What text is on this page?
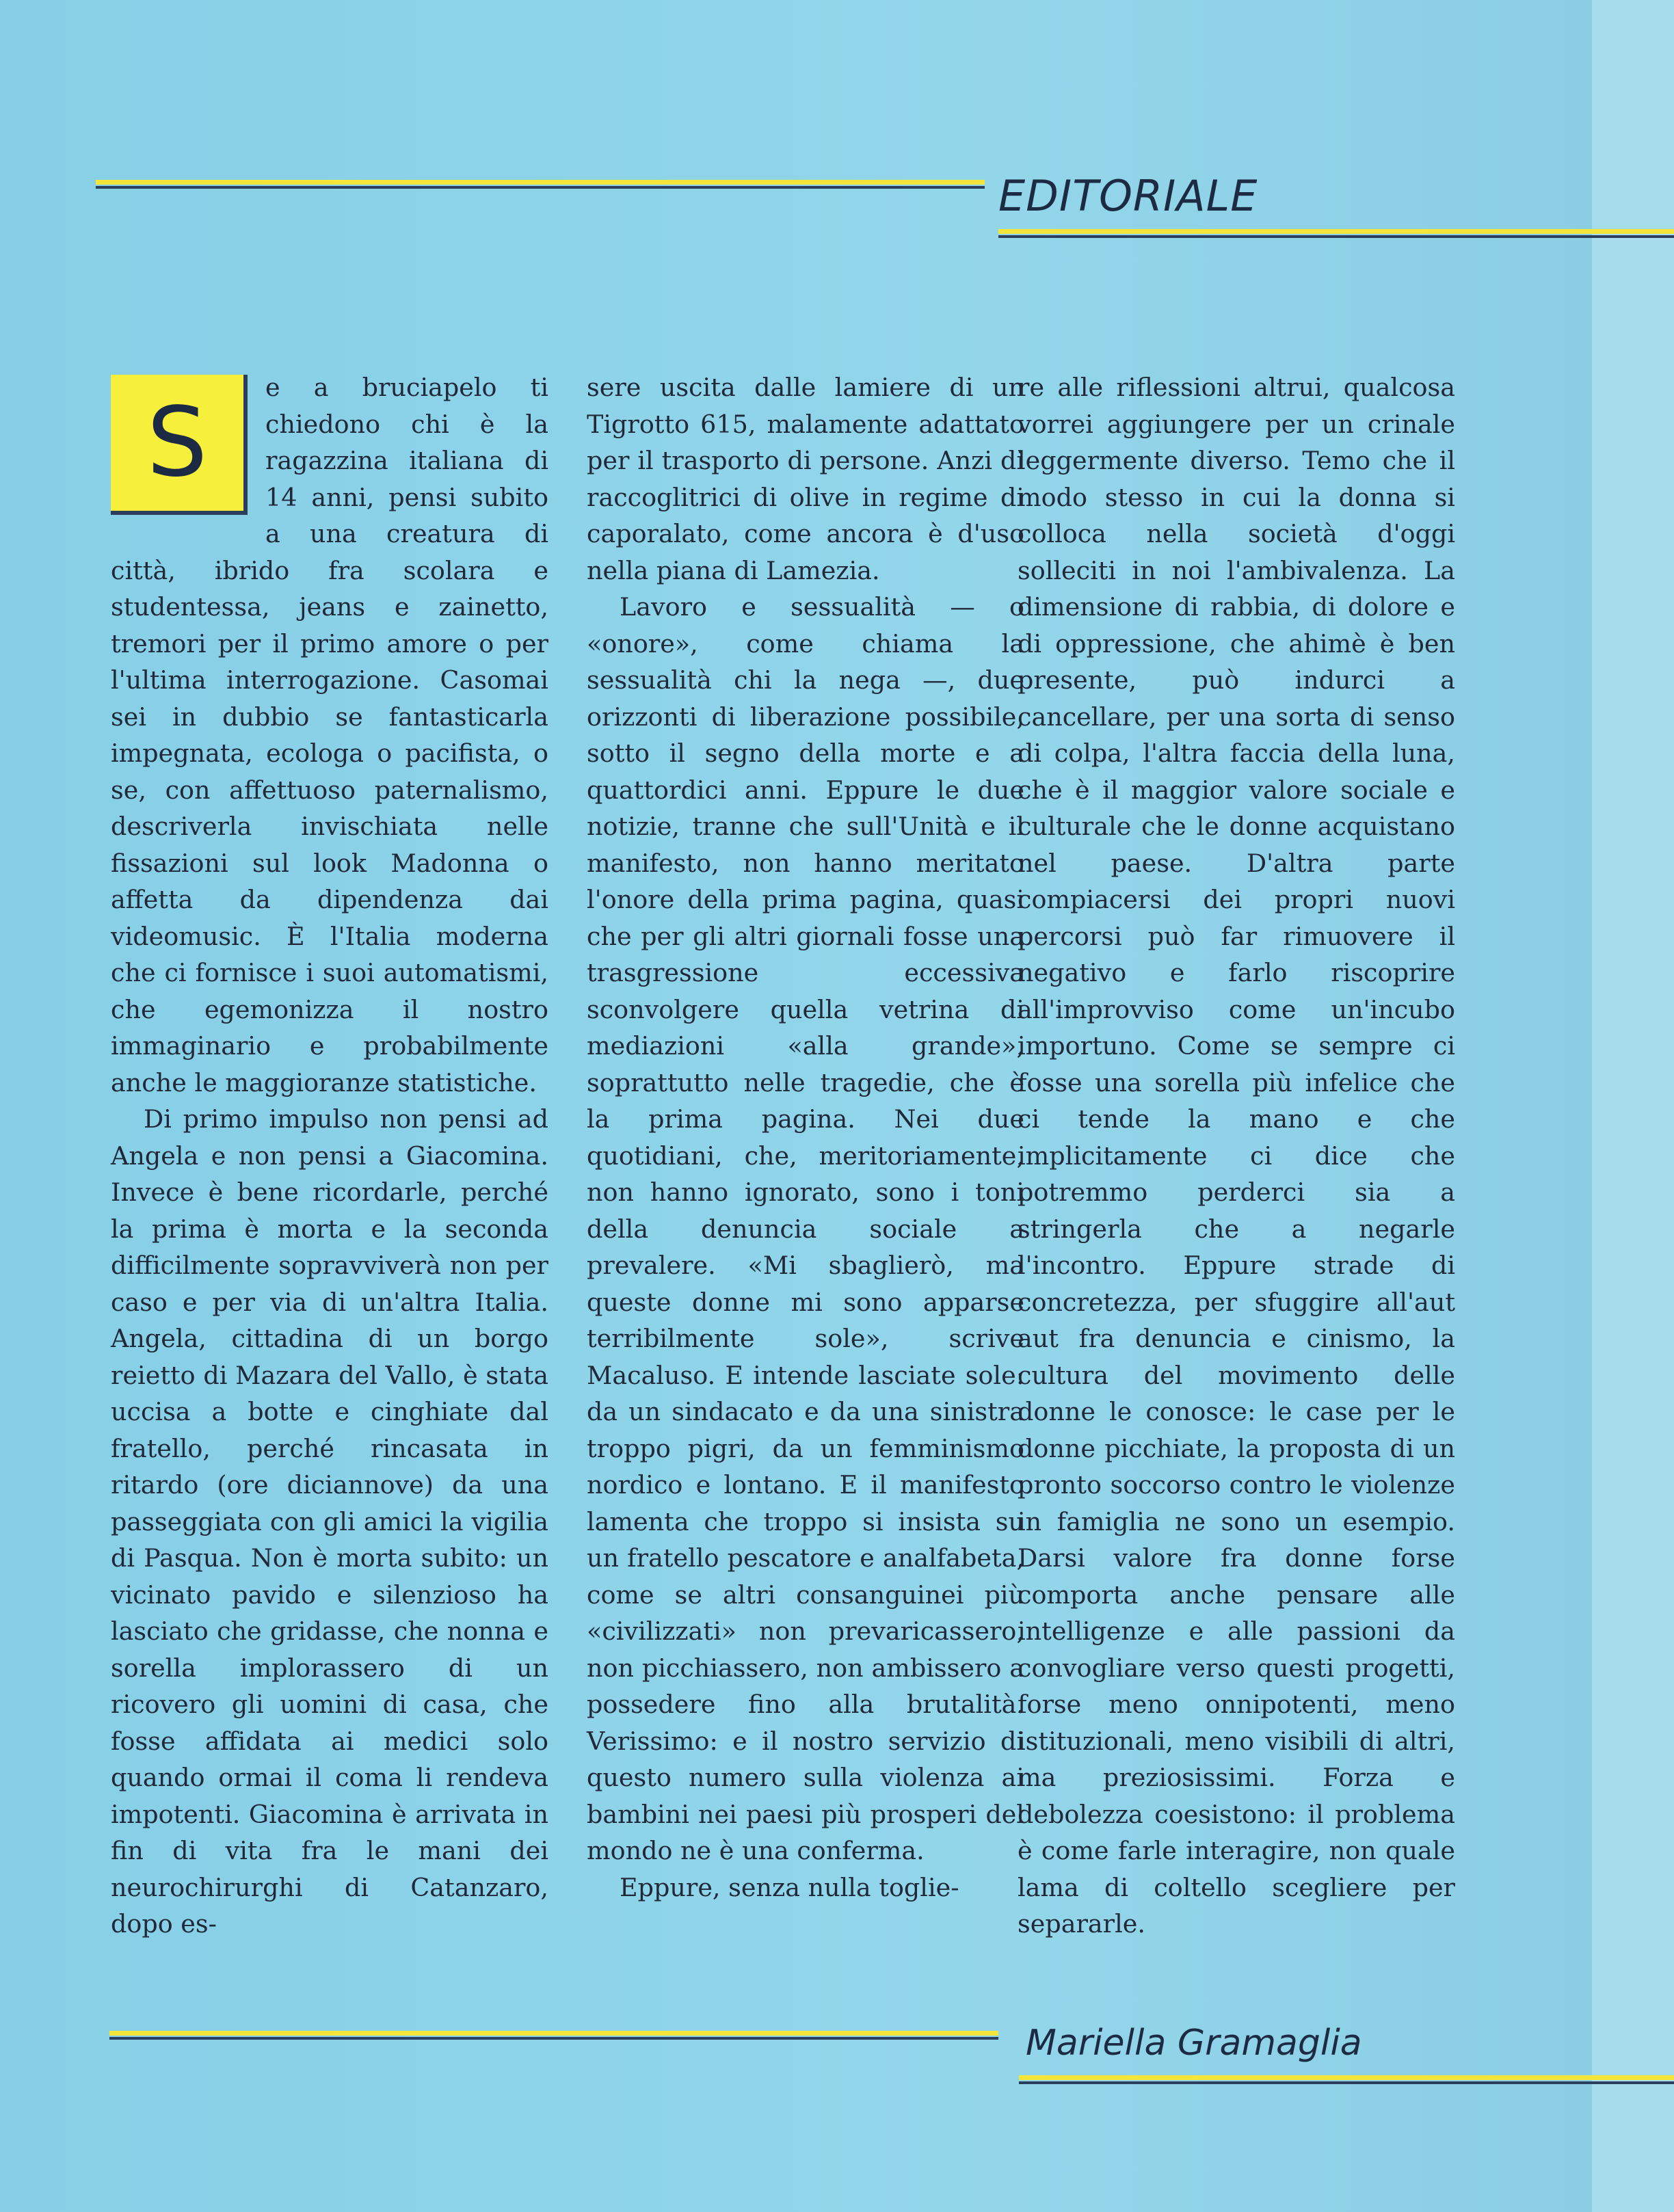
EDITORIALE
S	e a bruciapelo ti chiedono chi è la ragazzina italiana di 14 anni, pensi subito a una creatura di città, ibrido fra scolara e studentessa, jeans e zainetto, tremori per il primo amore o per l'ultima interrogazione. Casomai sei in dubbio se fantasticarla impegnata, ecologa o pacifista, o se, con affettuoso paternalismo, descriverla invischiata nelle fissazioni sul look Madonna o affetta da dipendenza dai videomusic. È l'Italia moderna che ci fornisce i suoi automatismi, che egemonizza il nostro immaginario e probabilmente anche le maggioranze statistiche.

Di primo impulso non pensi ad Angela e non pensi a Giacomina. Invece è bene ricordarle, perché la prima è morta e la seconda difficilmente sopravviverà non per caso e per via di un'altra Italia. Angela, cittadina di un borgo reietto di Mazara del Vallo, è stata uccisa a botte e cinghiate dal fratello, perché rincasata in ritardo (ore diciannove) da una passeggiata con gli amici la vigilia di Pasqua. Non è morta subito: un vicinato pavido e silenzioso ha lasciato che gridasse, che nonna e sorella implorassero di un ricovero gli uomini di casa, che fosse affidata ai medici solo quando ormai il coma li rendeva impotenti. Giacomina è arrivata in fin di vita fra le mani dei neurochirurghi di Catanzaro, dopo es-

sere uscita dalle lamiere di un Tigrotto 615, malamente adattato per il trasporto di persone. Anzi di raccoglitrici di olive in regime di caporalato, come ancora è d'uso nella piana di Lamezia.

Lavoro e sessualità — o «onore», come chiama la sessualità chi la nega —, due orizzonti di liberazione possibile, sotto il segno della morte e a quattordici anni. Eppure le due notizie, tranne che sull'Unità e il manifesto, non hanno meritato l'onore della prima pagina, quasi che per gli altri giornali fosse una trasgressione eccessiva sconvolgere quella vetrina di mediazioni «alla grande», soprattutto nelle tragedie, che è la prima pagina. Nei due quotidiani, che, meritoriamente, non hanno ignorato, sono i toni della denuncia sociale a prevalere. «Mi sbaglierò, ma queste donne mi sono apparse terribilmente sole», scrive Macaluso. E intende lasciate sole: da un sindacato e da una sinistra troppo pigri, da un femminismo nordico e lontano. E il manifesto lamenta che troppo si insista su un fratello pescatore e analfabeta, come se altri consanguinei più «civilizzati» non prevaricassero, non picchiassero, non ambissero a possedere fino alla brutalità. Verissimo: e il nostro servizio di questo numero sulla violenza ai bambini nei paesi più prosperi del mondo ne è una conferma.

Eppure, senza nulla toglie-

re alle riflessioni altrui, qualcosa vorrei aggiungere per un crinale leggermente diverso. Temo che il modo stesso in cui la donna si colloca nella società d'oggi solleciti in noi l'ambivalenza. La dimensione di rabbia, di dolore e di oppressione, che ahimè è ben presente, può indurci a cancellare, per una sorta di senso di colpa, l'altra faccia della luna, che è il maggior valore sociale e culturale che le donne acquistano nel paese. D'altra parte compiacersi dei propri nuovi percorsi può far rimuovere il negativo e farlo riscoprire all'improvviso come un'incubo importuno. Come se sempre ci fosse una sorella più infelice che ci tende la mano e che implicitamente ci dice che potremmo perderci sia a stringerla che a negarle l'incontro. Eppure strade di concretezza, per sfuggire all'aut aut fra denuncia e cinismo, la cultura del movimento delle donne le conosce: le case per le donne picchiate, la proposta di un pronto soccorso contro le violenze in famiglia ne sono un esempio. Darsi valore fra donne forse comporta anche pensare alle intelligenze e alle passioni da convogliare verso questi progetti, forse meno onnipotenti, meno istituzionali, meno visibili di altri, ma preziosissimi. Forza e debolezza coesistono: il problema è come farle interagire, non quale lama di coltello scegliere per separarle.

Mariella Gramaglia
